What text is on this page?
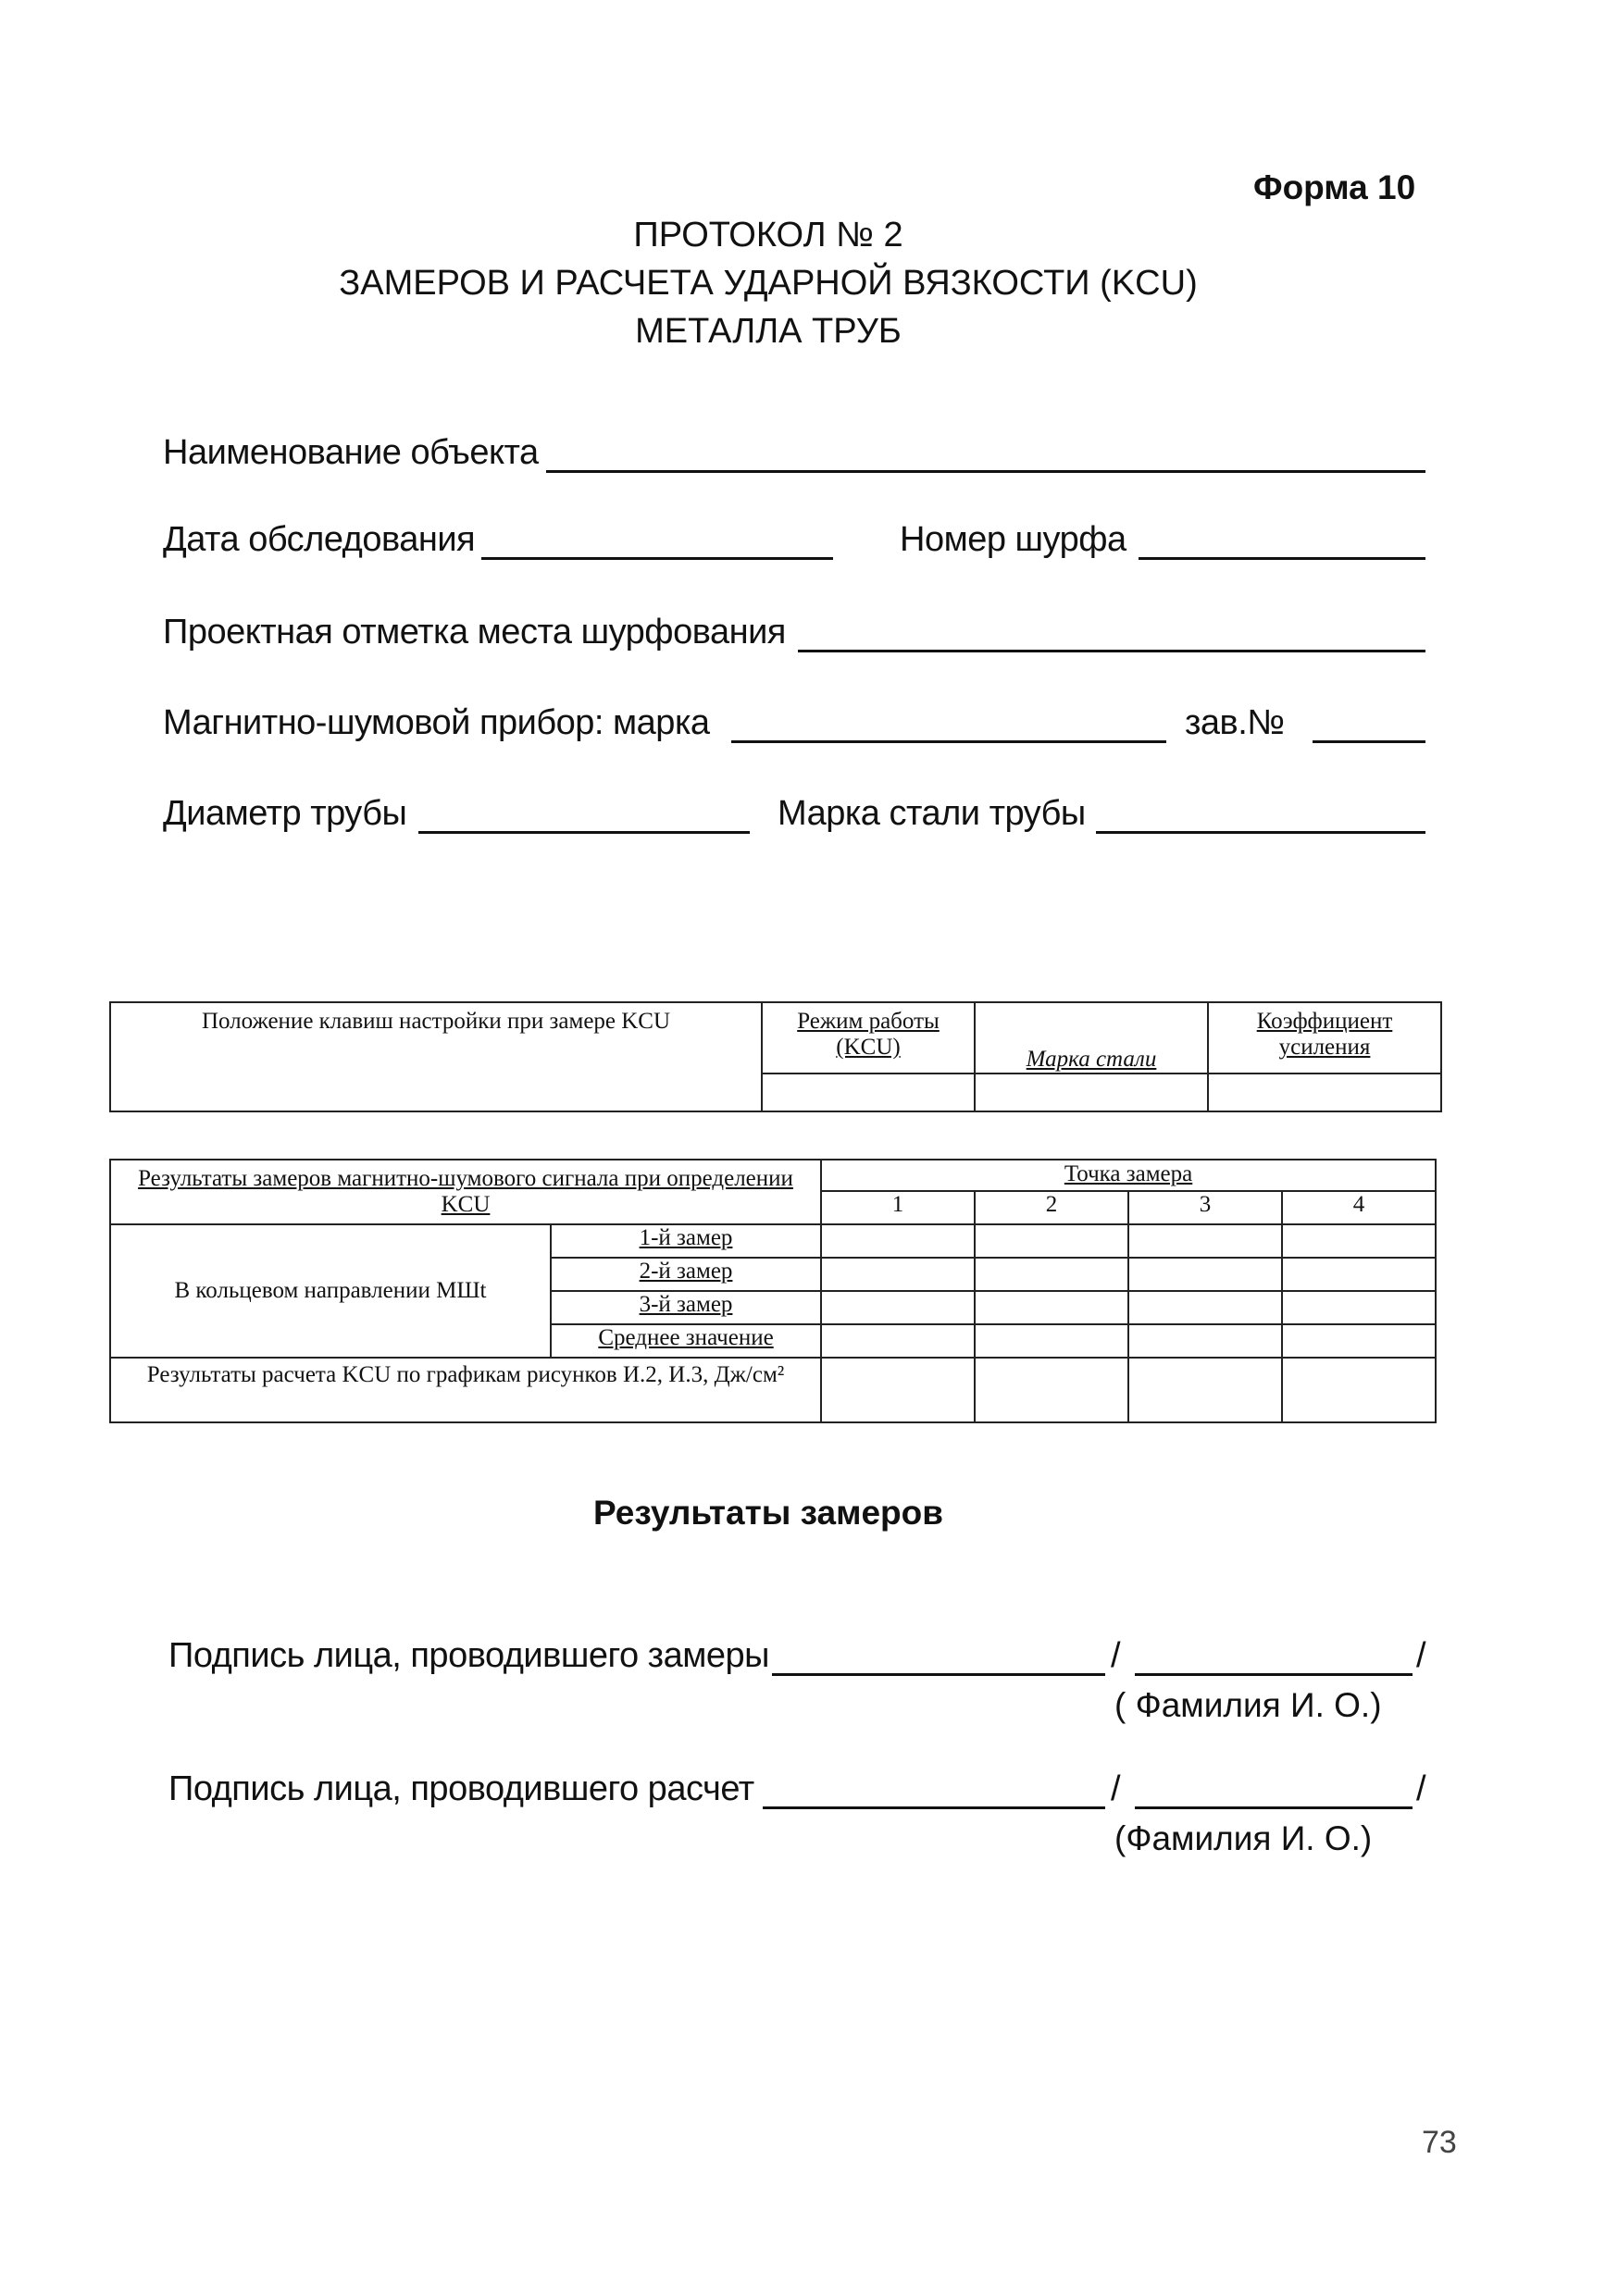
Форма 10
ПРОТОКОЛ № 2
ЗАМЕРОВ И РАСЧЕТА УДАРНОЙ ВЯЗКОСТИ (KCU)
МЕТАЛЛА ТРУБ
Наименование объекта
Дата обследования	Номер шурфа
Проектная отметка места шурфования
Магнитно-шумовой прибор: марка	зав.№
Диаметр трубы	Марка стали трубы
Положение клавиш настройки при замере KCU	Режим работы (KCU)	Марка стали	Коэффициент усиления

Результаты замеров магнитно-шумового сигнала при определении KCU		Точка замера			
		1	2	3	4
В кольцевом направлении МШt	1-й замер				
	2-й замер				
	3-й замер				
	Среднее значение				
Результаты расчета KCU по графикам рисунков И.2, И.3, Дж/см²					
Результаты замеров
Подпись лица, проводившего замеры	/	/
( Фамилия И. О.)
Подпись лица, проводившего расчет	/	/
(Фамилия И. О.)
73
